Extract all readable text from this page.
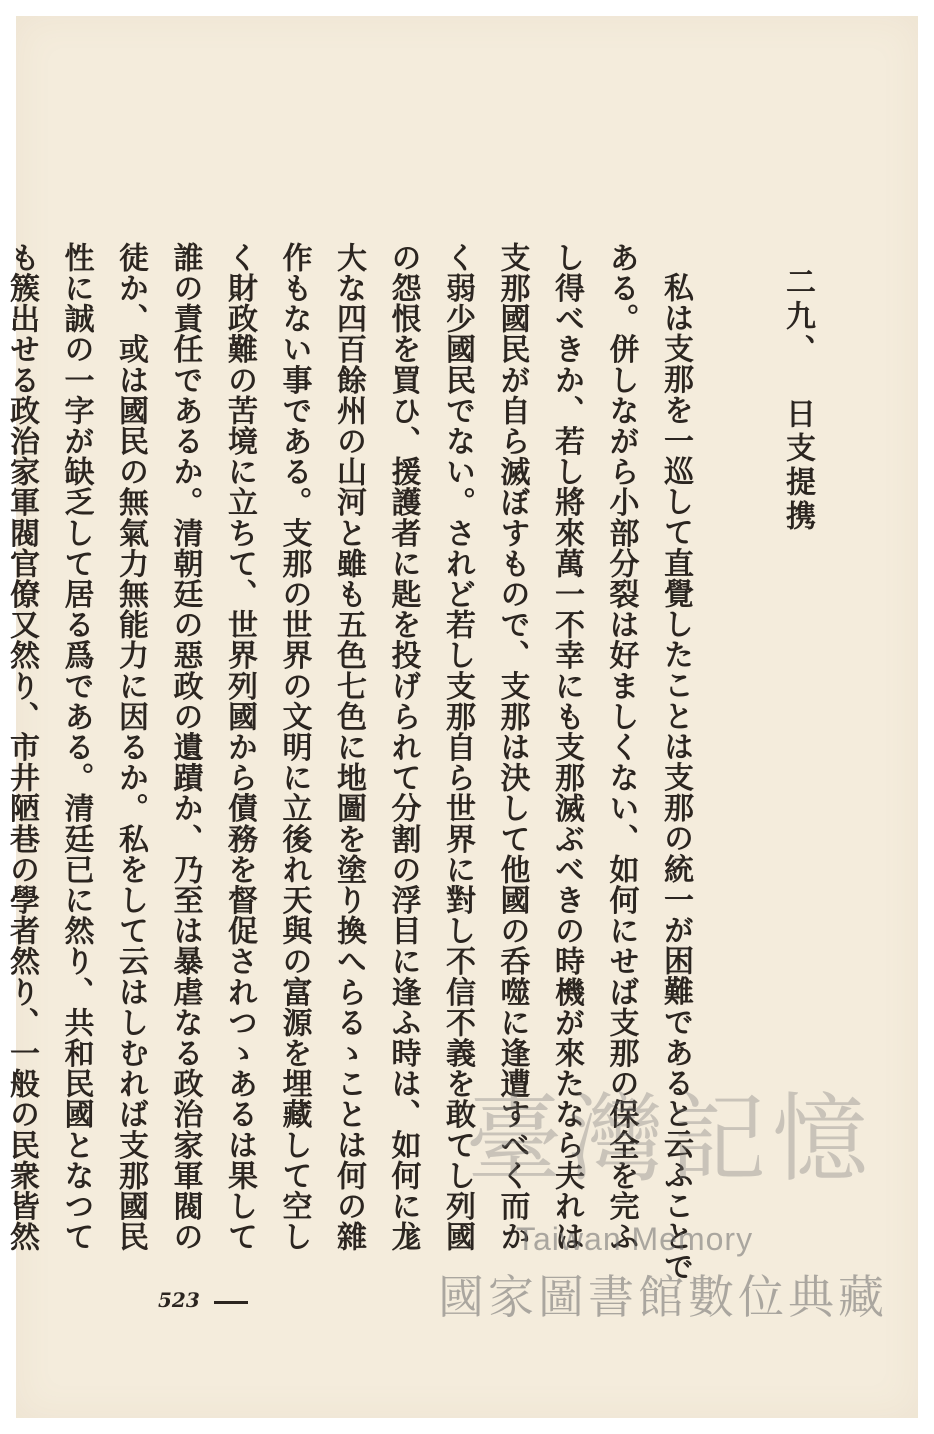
二九、日支提携

私は支那を一巡して直覺したことは支那の統一が困難であると云ふことである。併しながら小部分裂は好ましくない、如何にせば支那の保全を完ふし得べきか、若し將來萬一不幸にも支那滅ぶべきの時機が來たなら夫れは支那國民が自ら滅ぼすもので、支那は決して他國の呑噬に逢遭すべく而かく弱少國民でない。されど若し支那自ら世界に對し不信不義を敢てし列國の怨恨を買ひ、援護者に匙を投げられて分割の浮目に逢ふ時は、如何に尨大な四百餘州の山河と雖も五色七色に地圖を塗り換へらるゝことは何の雜作もない事である。支那の世界の文明に立後れ天與の富源を埋藏して空しく財政難の苦境に立ちて、世界列國から債務を督促されつゝあるは果して誰の責任であるか。清朝廷の惡政の遺蹟か、乃至は暴虐なる政治家軍閥の徒か、或は國民の無氣力無能力に因るか。私をして云はしむれば支那國民性に誠の一字が缺乏して居る爲である。清廷已に然り、共和民國となつても簇出せる政治家軍閥官僚又然り、市井陋巷の學者然り、一般の民衆皆然

523
臺灣記憶
Taiwan Memory
國家圖書館數位典藏
